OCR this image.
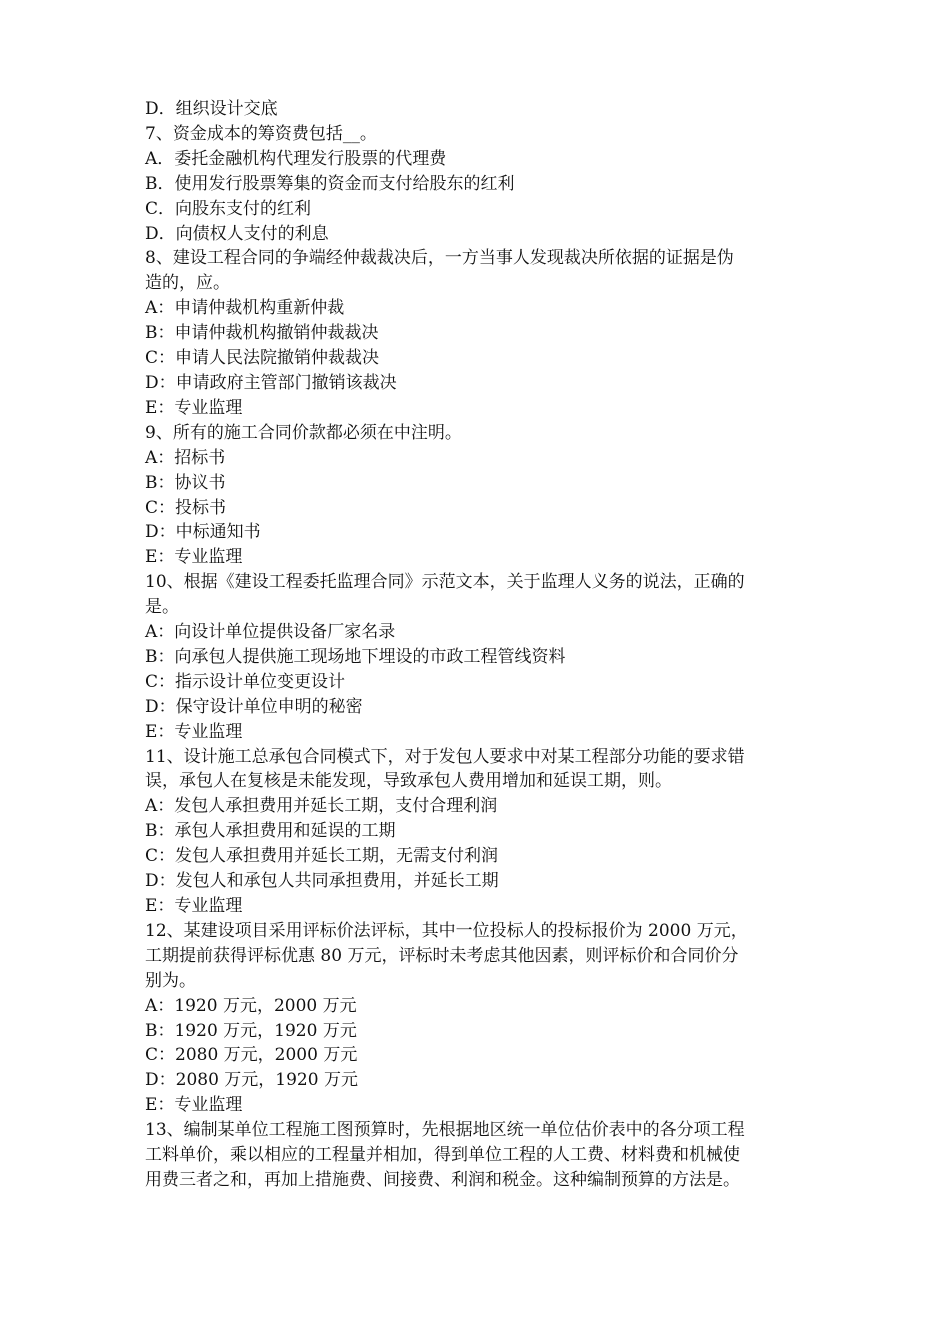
D．组织设计交底
7、资金成本的筹资费包括__。
A．委托金融机构代理发行股票的代理费
B．使用发行股票筹集的资金而支付给股东的红利
C．向股东支付的红利
D．向债权人支付的利息
8、建设工程合同的争端经仲裁裁决后，一方当事人发现裁决所依据的证据是伪
造的，应。
A：申请仲裁机构重新仲裁
B：申请仲裁机构撤销仲裁裁决
C：申请人民法院撤销仲裁裁决
D：申请政府主管部门撤销该裁决
E：专业监理
9、所有的施工合同价款都必须在中注明。
A：招标书
B：协议书
C：投标书
D：中标通知书
E：专业监理
10、根据《建设工程委托监理合同》示范文本，关于监理人义务的说法，正确的
是。
A：向设计单位提供设备厂家名录
B：向承包人提供施工现场地下埋设的市政工程管线资料
C：指示设计单位变更设计
D：保守设计单位申明的秘密
E：专业监理
11、设计施工总承包合同模式下，对于发包人要求中对某工程部分功能的要求错
误，承包人在复核是未能发现，导致承包人费用增加和延误工期，则。
A：发包人承担费用并延长工期，支付合理利润
B：承包人承担费用和延误的工期
C：发包人承担费用并延长工期，无需支付利润
D：发包人和承包人共同承担费用，并延长工期
E：专业监理
12、某建设项目采用评标价法评标，其中一位投标人的投标报价为 2000 万元，
工期提前获得评标优惠 80 万元，评标时未考虑其他因素，则评标价和合同价分
别为。
A：1920 万元，2000 万元
B：1920 万元，1920 万元
C：2080 万元，2000 万元
D：2080 万元，1920 万元
E：专业监理
13、编制某单位工程施工图预算时，先根据地区统一单位估价表中的各分项工程
工料单价，乘以相应的工程量并相加，得到单位工程的人工费、材料费和机械使
用费三者之和，再加上措施费、间接费、利润和税金。这种编制预算的方法是。
